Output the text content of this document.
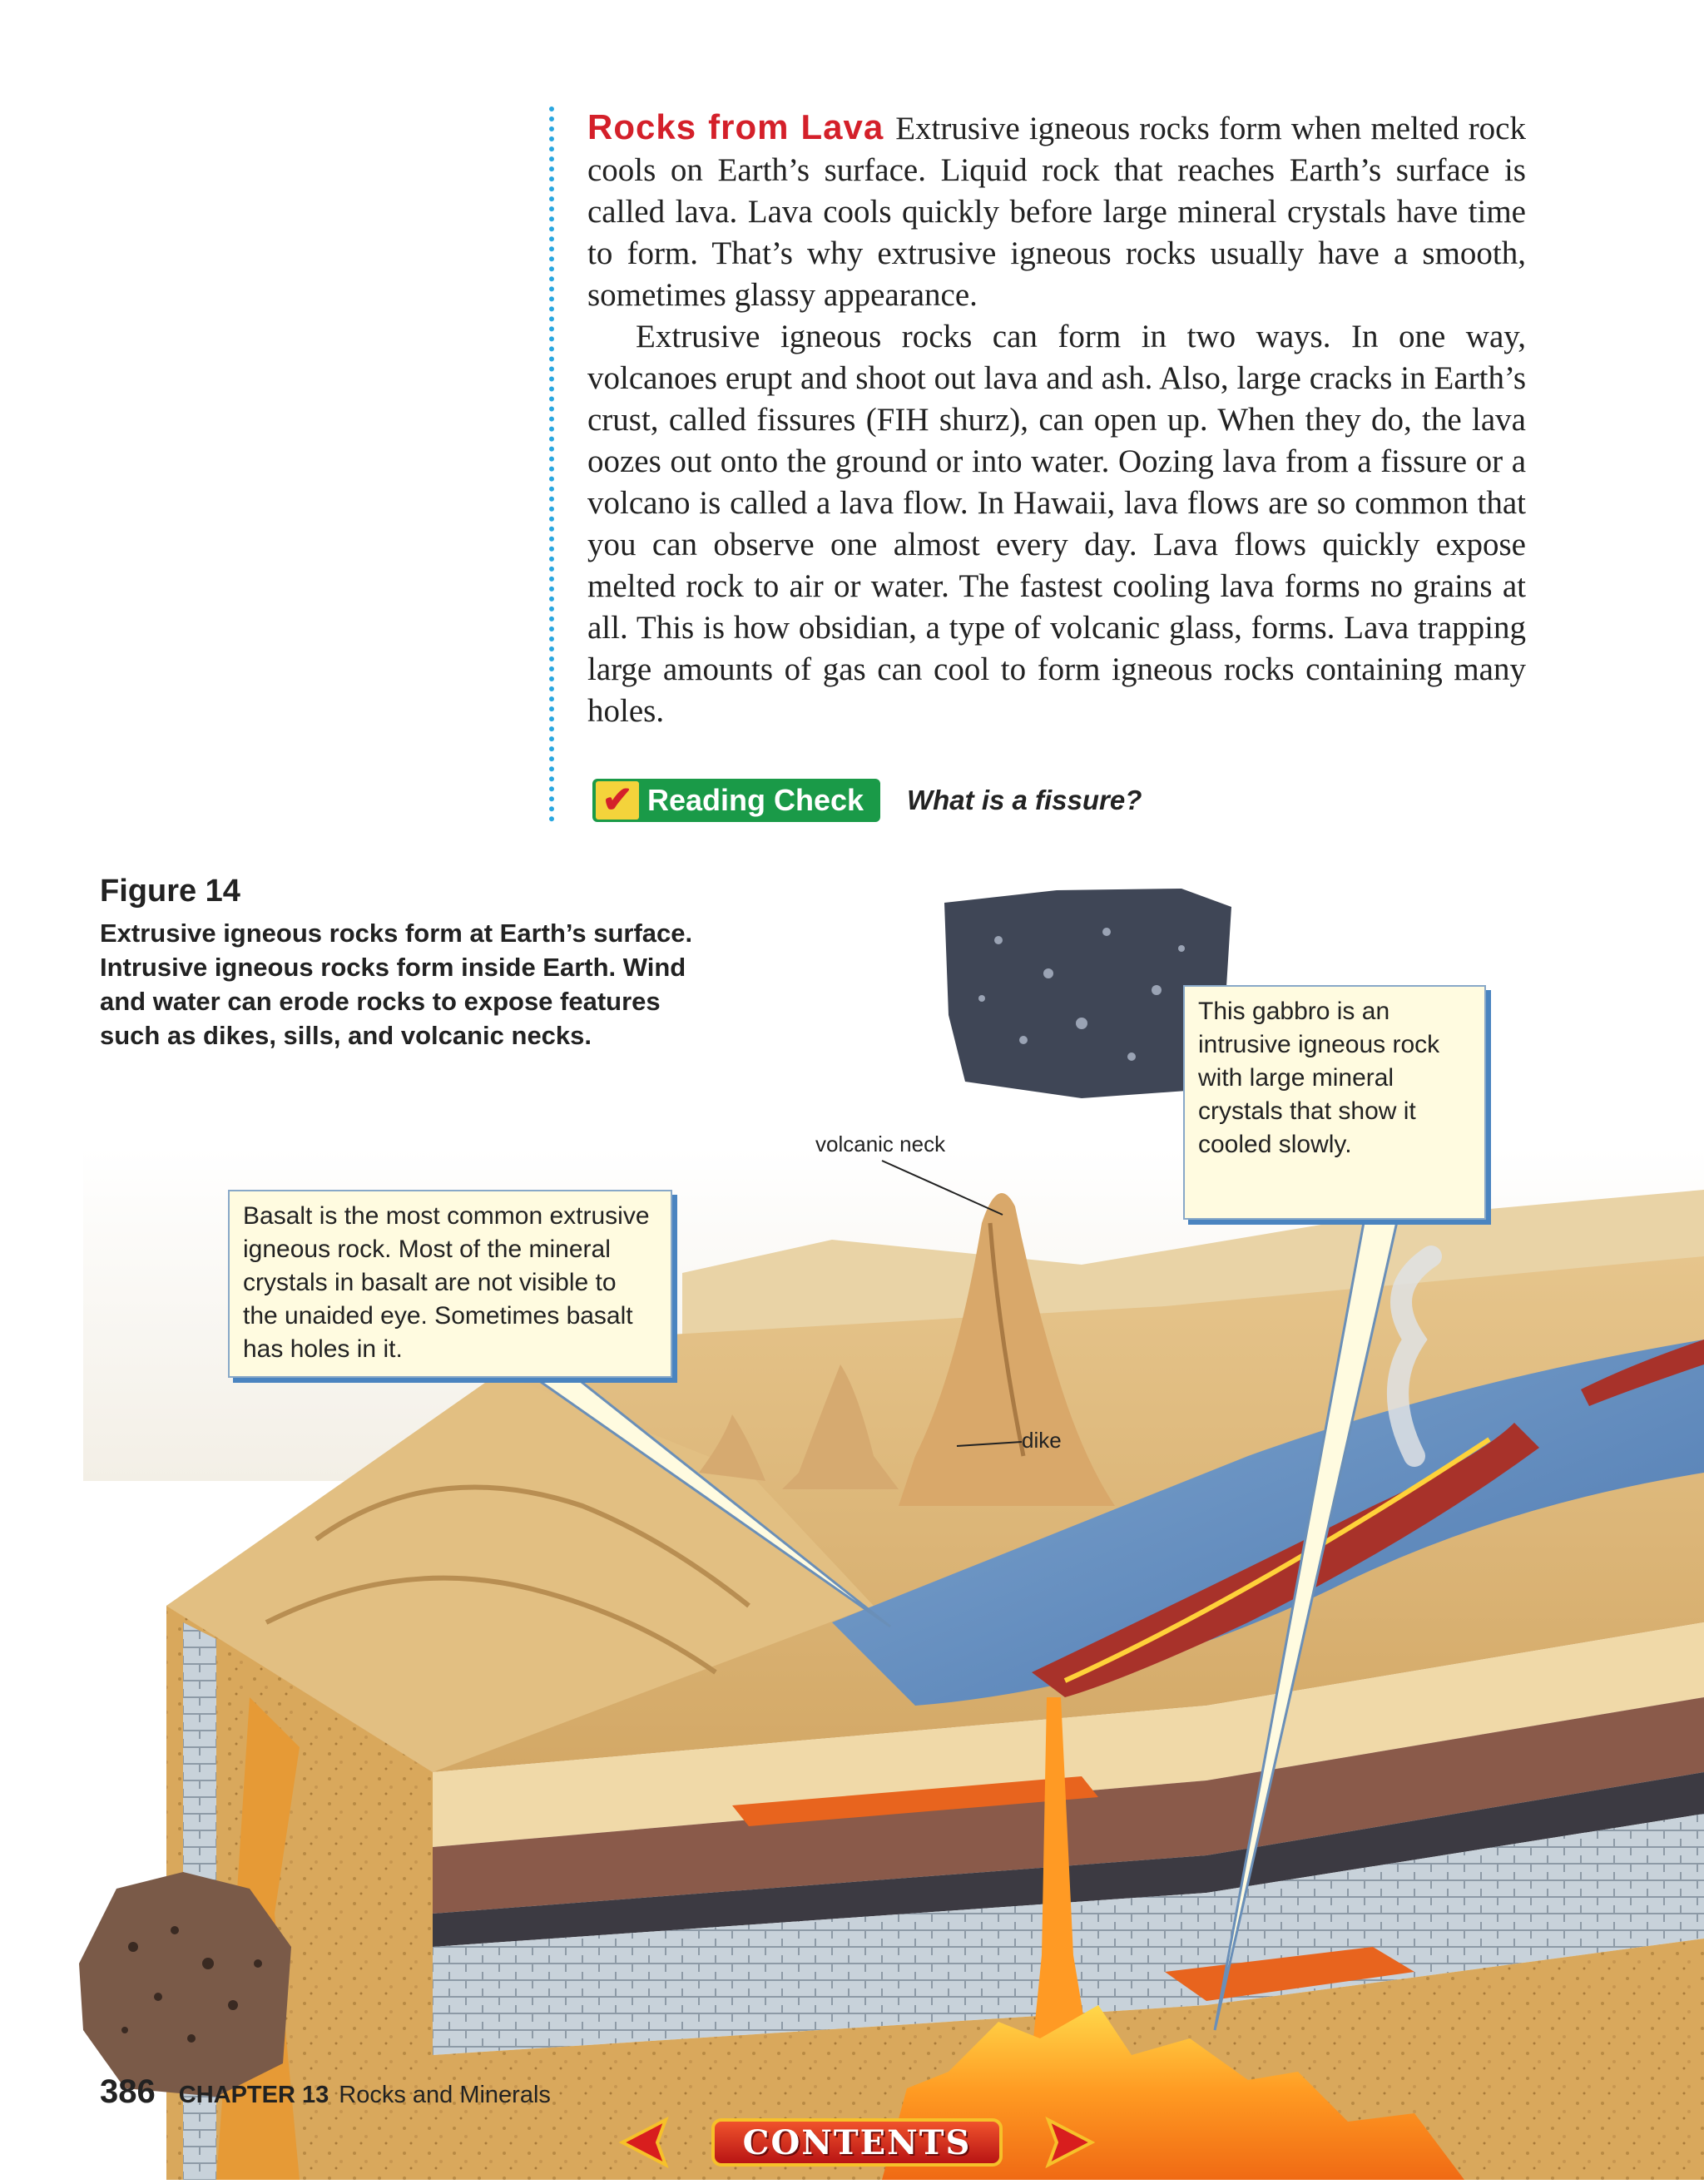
Rocks from Lava Extrusive igneous rocks form when melted rock cools on Earth’s surface. Liquid rock that reaches Earth’s surface is called lava. Lava cools quickly before large mineral crystals have time to form. That’s why extrusive igneous rocks usually have a smooth, sometimes glassy appearance.

Extrusive igneous rocks can form in two ways. In one way, volcanoes erupt and shoot out lava and ash. Also, large cracks in Earth’s crust, called fissures (FIH shurz), can open up. When they do, the lava oozes out onto the ground or into water. Oozing lava from a fissure or a volcano is called a lava flow. In Hawaii, lava flows are so common that you can observe one almost every day. Lava flows quickly expose melted rock to air or water. The fastest cooling lava forms no grains at all. This is how obsidian, a type of volcanic glass, forms. Lava trapping large amounts of gas can cool to form igneous rocks containing many holes.

✔ Reading Check What is a fissure?
Basalt is the most common extrusive igneous rock. Most of the mineral crystals in basalt are not visible to the unaided eye. Sometimes basalt has holes in it.
This gabbro is an intrusive igneous rock with large mineral crystals that show it cooled slowly.
volcanic neck
dike
Figure 14
Extrusive igneous rocks form at Earth’s surface. Intrusive igneous rocks form inside Earth. Wind and water can erode rocks to expose features such as dikes, sills, and volcanic necks.
386 CHAPTER 13 Rocks and Minerals
CONTENTS
